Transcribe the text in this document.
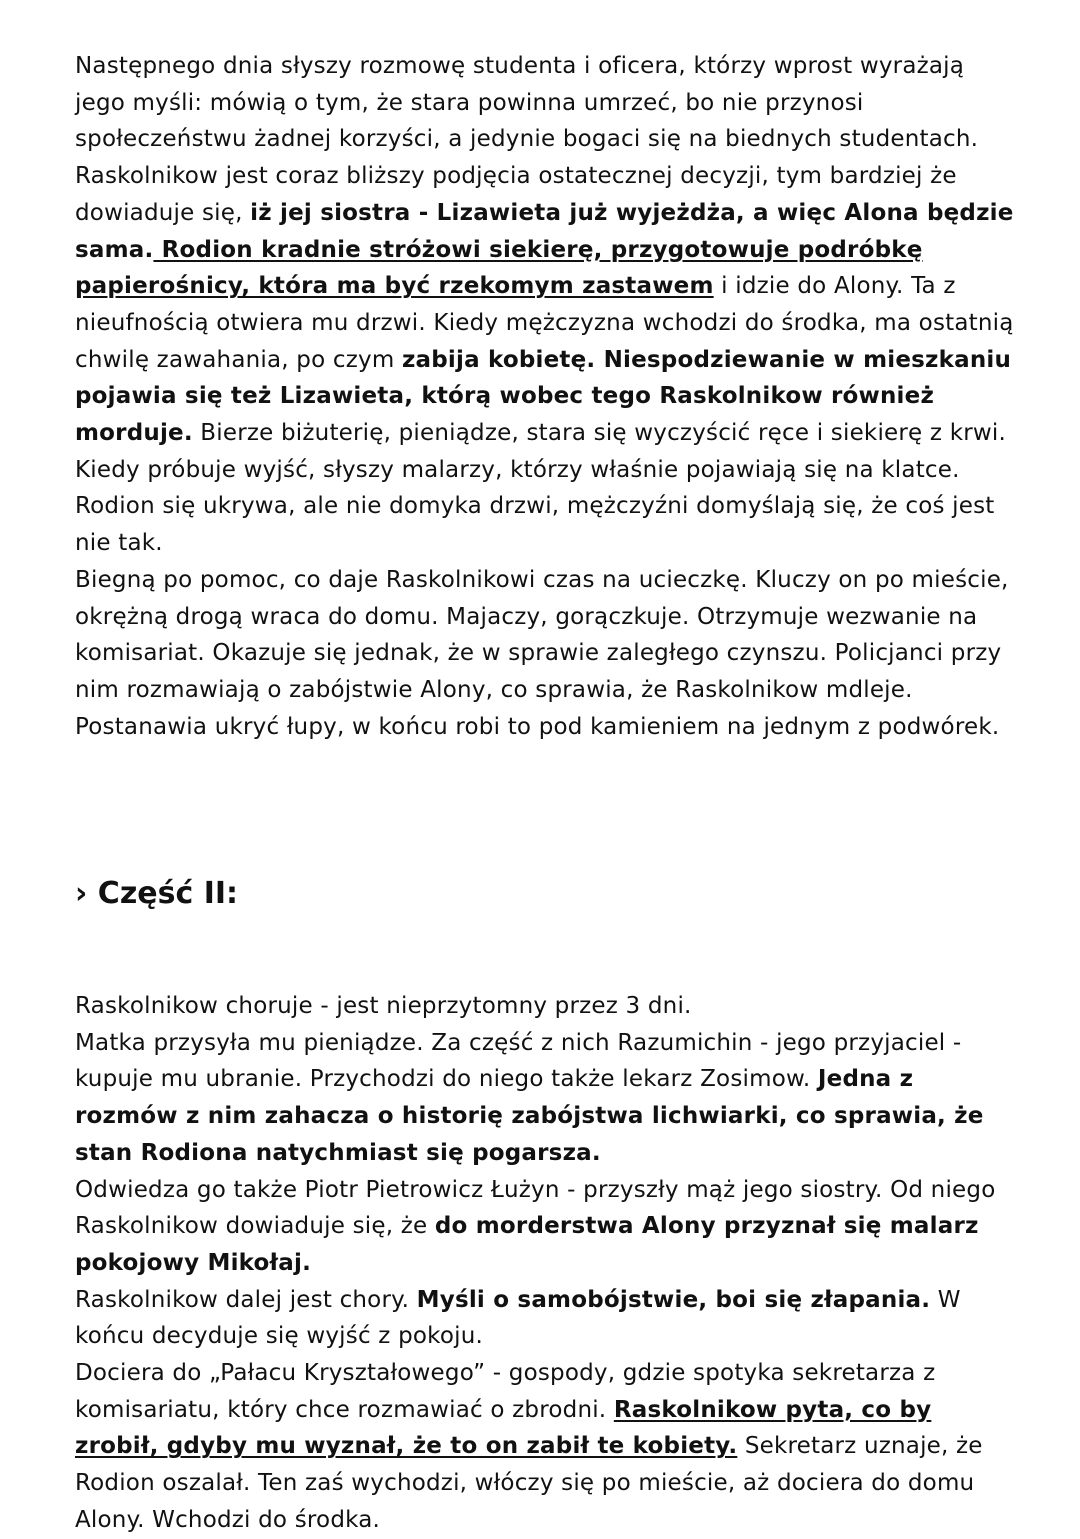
Następnego dnia słyszy rozmowę studenta i oficera, którzy wprost wyrażają jego myśli: mówią o tym, że stara powinna umrzeć, bo nie przynosi społeczeństwu żadnej korzyści, a jedynie bogaci się na biednych studentach. Raskolnikow jest coraz bliższy podjęcia ostatecznej decyzji, tym bardziej że dowiaduje się, iż jej siostra - Lizawieta już wyjeżdża, a więc Alona będzie sama. Rodion kradnie stróżowi siekierę, przygotowuje podróbkę papierośnicy, która ma być rzekomym zastawem i idzie do Alony. Ta z nieufnością otwiera mu drzwi. Kiedy mężczyzna wchodzi do środka, ma ostatnią chwilę zawahania, po czym zabija kobietę. Niespodziewanie w mieszkaniu pojawia się też Lizawieta, którą wobec tego Raskolnikow również morduje. Bierze biżuterię, pieniądze, stara się wyczyścić ręce i siekierę z krwi. Kiedy próbuje wyjść, słyszy malarzy, którzy właśnie pojawiają się na klatce. Rodion się ukrywa, ale nie domyka drzwi, mężczyźni domyślają się, że coś jest nie tak.

Biegną po pomoc, co daje Raskolnikowi czas na ucieczkę. Kluczy on po mieście, okrężną drogą wraca do domu. Majaczy, gorączkuje. Otrzymuje wezwanie na komisariat. Okazuje się jednak, że w sprawie zaległego czynszu. Policjanci przy nim rozmawiają o zabójstwie Alony, co sprawia, że Raskolnikow mdleje. Postanawia ukryć łupy, w końcu robi to pod kamieniem na jednym z podwórek.

› Część II:

Raskolnikow choruje - jest nieprzytomny przez 3 dni.

Matka przysyła mu pieniądze. Za część z nich Razumichin - jego przyjaciel - kupuje mu ubranie. Przychodzi do niego także lekarz Zosimow. Jedna z rozmów z nim zahacza o historię zabójstwa lichwiarki, co sprawia, że stan Rodiona natychmiast się pogarsza.

Odwiedza go także Piotr Pietrowicz Łużyn - przyszły mąż jego siostry. Od niego Raskolnikow dowiaduje się, że do morderstwa Alony przyznał się malarz pokojowy Mikołaj.

Raskolnikow dalej jest chory. Myśli o samobójstwie, boi się złapania. W końcu decyduje się wyjść z pokoju.

Dociera do „Pałacu Kryształowego” - gospody, gdzie spotyka sekretarza z komisariatu, który chce rozmawiać o zbrodni. Raskolnikow pyta, co by zrobił, gdyby mu wyznał, że to on zabił te kobiety. Sekretarz uznaje, że Rodion oszalał. Ten zaś wychodzi, włóczy się po mieście, aż dociera do domu Alony. Wchodzi do środka.
